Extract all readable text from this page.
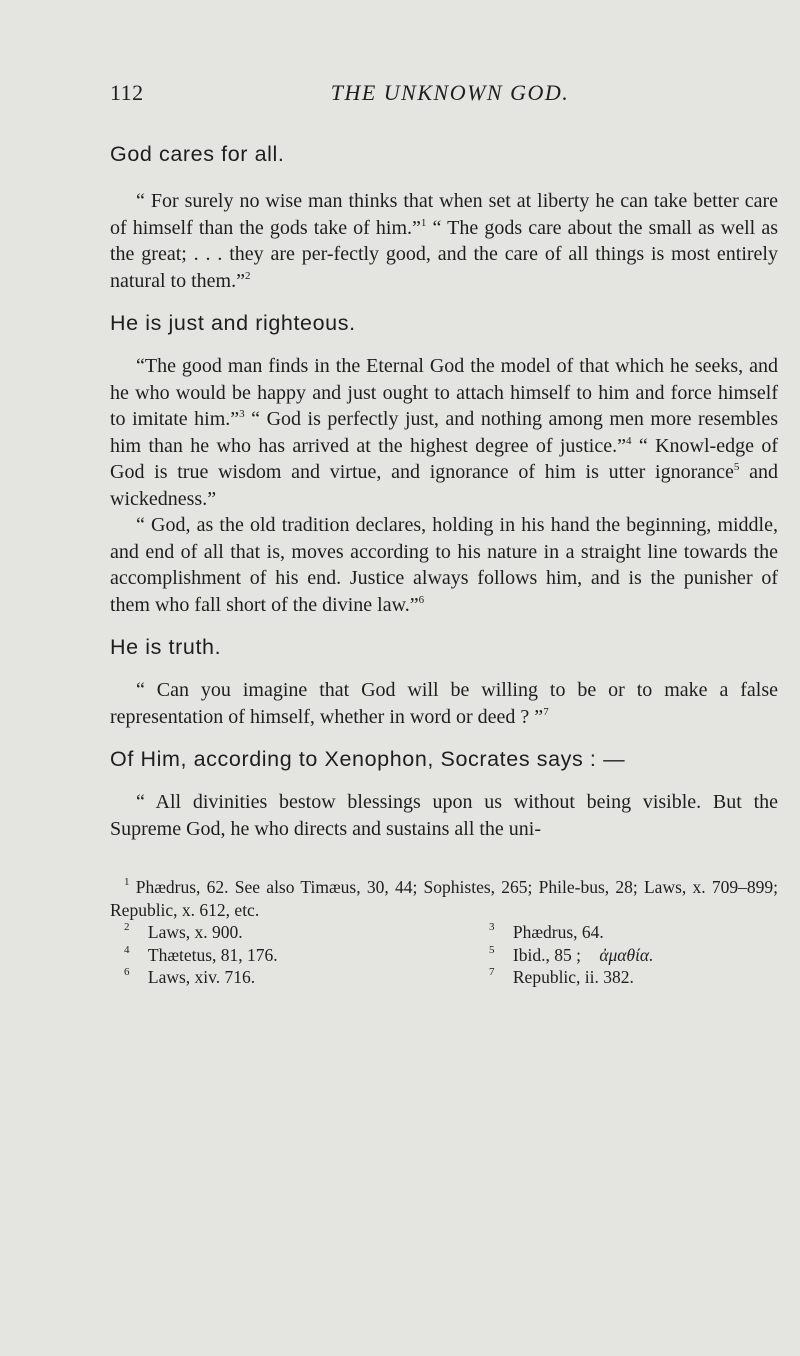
112	THE UNKNOWN GOD.
God cares for all.

“ For surely no wise man thinks that when set at liberty he can take better care of himself than the gods take of him.”$^1$ “ The gods care about the small as well as the great; . . . they are per-fectly good, and the care of all things is most entirely natural to them.”$^2$

He is just and righteous.

“The good man finds in the Eternal God the model of that which he seeks, and he who would be happy and just ought to attach himself to him and force himself to imitate him.”$^3$ “ God is perfectly just, and nothing among men more resembles him than he who has arrived at the highest degree of justice.”$^4$ “ Knowl-edge of God is true wisdom and virtue, and ignorance of him is utter ignorance$^5$ and wickedness.”

“ God, as the old tradition declares, holding in his hand the beginning, middle, and end of all that is, moves according to his nature in a straight line towards the accomplishment of his end. Justice always follows him, and is the punisher of them who fall short of the divine law.”$^6$

He is truth.

“ Can you imagine that God will be willing to be or to make a false representation of himself, whether in word or deed ? ”$^7$

Of Him, according to Xenophon, Socrates says : —

“ All divinities bestow blessings upon us without being visible. But the Supreme God, he who directs and sustains all the uni-

$^1$ Phædrus, 62. See also Timæus, 30, 44; Sophistes, 265; Phile-bus, 28; Laws, x. 709–899; Republic, x. 612, etc.
$^2$ Laws, x. 900.	$^3$ Phædrus, 64.
$^4$ Thætetus, 81, 176.	$^5$ Ibid., 85 ; ἀμαθία.
$^6$ Laws, xiv. 716.	$^7$ Republic, ii. 382.
